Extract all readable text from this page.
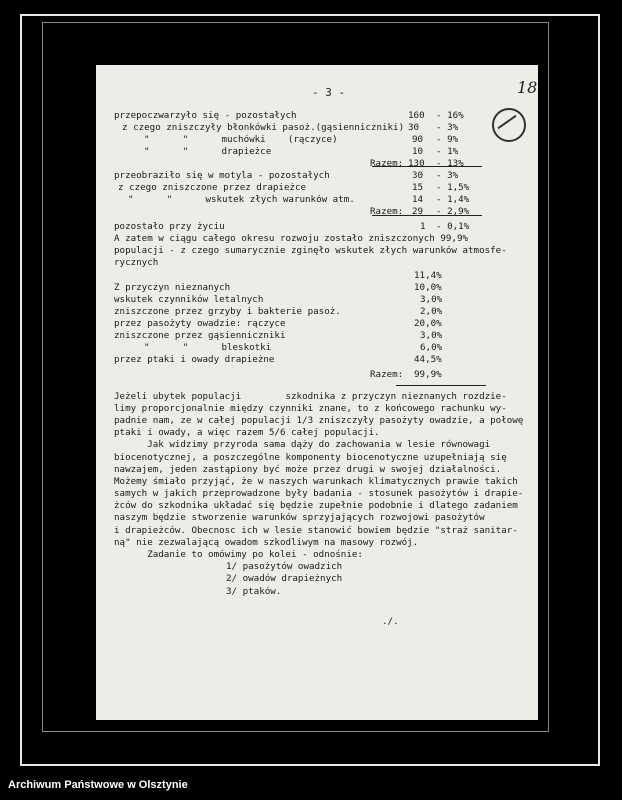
- 3 -	18
przepoczwarzyło się - pozostałych	160 - 16%
z czego zniszczyły błonkówki pasoż.(gąsienniczniki) 30 - 3%
"      "      muchówki    (rączyce)	90 - 9%
"      "      drapieżce	10 - 1%
Razem: 130 - 13%
przeobraziło się w motyla - pozostałych	30 - 3%
z czego zniszczone przez drapieżce	15 - 1,5%
"      "      wskutek złych warunków atm.	14 - 1,4%
Razem: 29 - 2,9%
pozostało przy życiu	1 - 0,1%
A zatem w ciągu całego okresu rozwoju zostało zniszczonych 99,9%
populacji - z czego sumarycznie zginęło wskutek złych warunków atmosfe-
rycznych
11,4%
Z przyczyn nieznanych	10,0%
wskutek czynników letalnych	3,0%
zniszczone przez grzyby i bakterie pasoż.	2,0%
przez pasożyty owadzie: rączyce	20,0%
zniszczone przez gąsienniczniki	3,0%
"      "      bleskotki	6,0%
przez ptaki i owady drapieżne	44,5%
Razem: 99,9%
Jeżeli ubytek populacji        szkodnika z przyczyn nieznanych rozdzie-
limy proporcjonalnie między czynniki znane, to z końcowego rachunku wy-
padnie nam, ze w całej populacji 1/3 zniszczyły pasożyty owadzie, a połowę
ptaki i owady, a więc razem 5/6 całej populacji.
Jak widzimy przyroda sama dąży do zachowania w lesie równowagi
biocenotycznej, a poszczególne komponenty biocenotyczne uzupełniają się
nawzajem, jeden zastąpiony być może przez drugi w swojej działalności.
Możemy śmiało przyjąć, że w naszych warunkach klimatycznych prawie takich
samych w jakich przeprowadzone były badania - stosunek pasożytów i drapie-
żców do szkodnika układać się będzie zupełnie podobnie i dlatego zadaniem
naszym będzie stworzenie warunków sprzyjających rozwojowi pasożytów
i drapieżców. Obecnosc ich w lesie stanowić bowiem będzie "straż sanitar-
ną" nie zezwalającą owadom szkodliwym na masowy rozwój.
Zadanie to omówimy po kolei - odnośnie:
1/ pasożytów owadzich
2/ owadów drapieżnych
3/ ptaków.
./.
Archiwum Państwowe w Olsztynie
